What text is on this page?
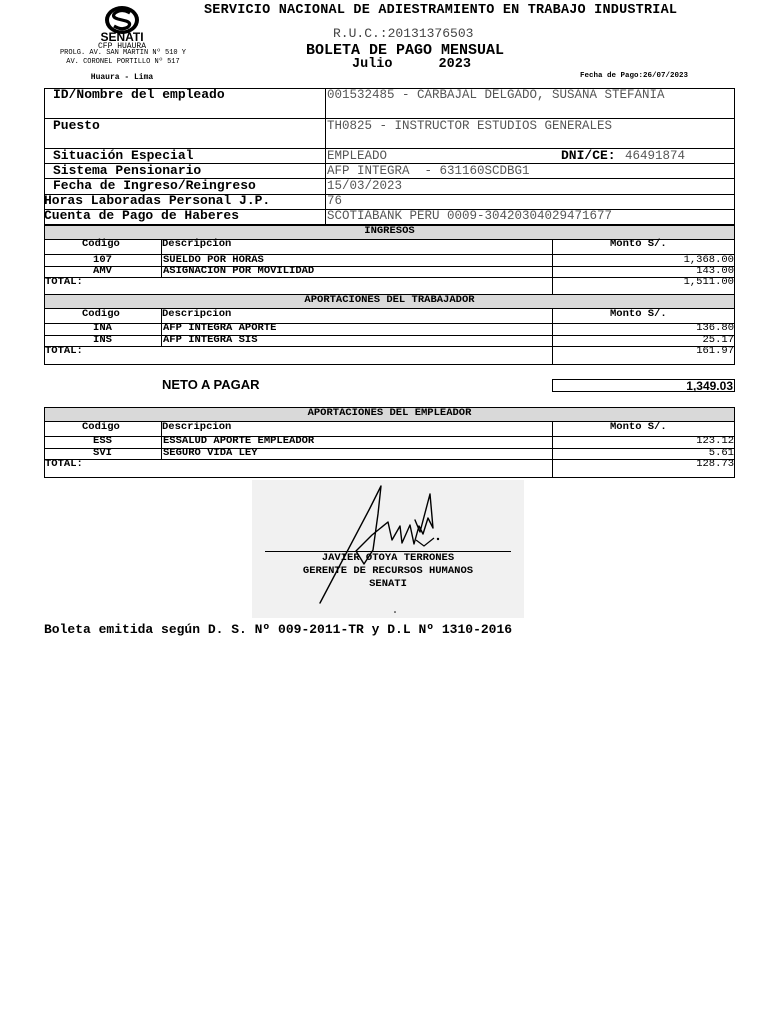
SENATI
CFP HUAURA
PROLG. AV. SAN MARTIN Nº 510 Y
AV. CORONEL PORTILLO Nº 517
Huaura - Lima
SERVICIO NACIONAL DE ADIESTRAMIENTO EN TRABAJO INDUSTRIAL
R.U.C.:20131376503
BOLETA DE PAGO MENSUAL
Julio	2023
Fecha de Pago:26/07/2023
ID/Nombre del empleado	001532485 - CARBAJAL DELGADO, SUSANA STEFANIA
Puesto	TH0825 - INSTRUCTOR ESTUDIOS GENERALES
Situación Especial	EMPLEADO	DNI/CE: 46491874
Sistema Pensionario	AFP INTEGRA  - 631160SCDBG1
Fecha de Ingreso/Reingreso	15/03/2023
Horas Laboradas Personal J.P.	76
Cuenta de Pago de Haberes	SCOTIABANK PERU 0009-30420304029471677
INGRESOS
Codigo	Descripcion	Monto S/.
107	SUELDO POR HORAS	1,368.00
AMV	ASIGNACION POR MOVILIDAD	143.00
TOTAL:	1,511.00
APORTACIONES DEL TRABAJADOR
Codigo	Descripcion	Monto S/.
INA	AFP INTEGRA APORTE	136.80
INS	AFP INTEGRA SIS	25.17
TOTAL:	161.97
NETO A PAGAR	1,349.03
APORTACIONES DEL EMPLEADOR
Codigo	Descripcion	Monto S/.
ESS	ESSALUD APORTE EMPLEADOR	123.12
SVI	SEGURO VIDA LEY	5.61
TOTAL:	128.73
JAVIER OTOYA TERRONES
GERENTE DE RECURSOS HUMANOS
SENATI
Boleta emitida según D. S. Nº 009-2011-TR y D.L Nº 1310-2016
